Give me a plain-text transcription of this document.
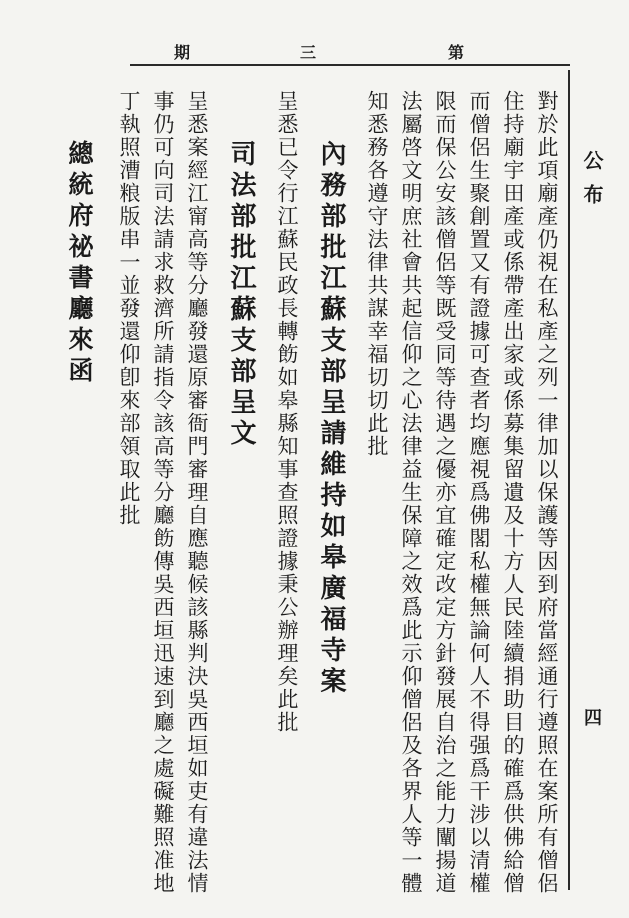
第
三
期
公布
四
對於此項廟產仍視在私產之列一律加以保護等因到府當經通行遵照在案所有僧侶
住持廟宇田產或係帶產出家或係募集留遺及十方人民陸續捐助目的確爲供佛給僧
而僧侶生聚創置又有證據可查者均應視爲佛閣私權無論何人不得强爲干涉以清權
限而保公安該僧侶等既受同等待遇之優亦宜確定改定方針發展自治之能力闡揚道
法屬啓文明庶社會共起信仰之心法律益生保障之效爲此示仰僧侶及各界人等一體
知悉務各遵守法律共謀幸福切切此批
內務部批江蘇支部呈請維持如皋廣福寺案
呈悉已令行江蘇民政長轉飭如皋縣知事查照證據秉公辦理矣此批
司法部批江蘇支部呈文
呈悉案經江甯高等分廳發還原審衙門審理自應聽候該縣判決吳西垣如吏有違法情
事仍可向司法請求救濟所請指令該高等分廳飭傳吳西垣迅速到廳之處礙難照准地
丁執照漕粮版串一並發還仰卽來部領取此批
總統府祕書廳來函
